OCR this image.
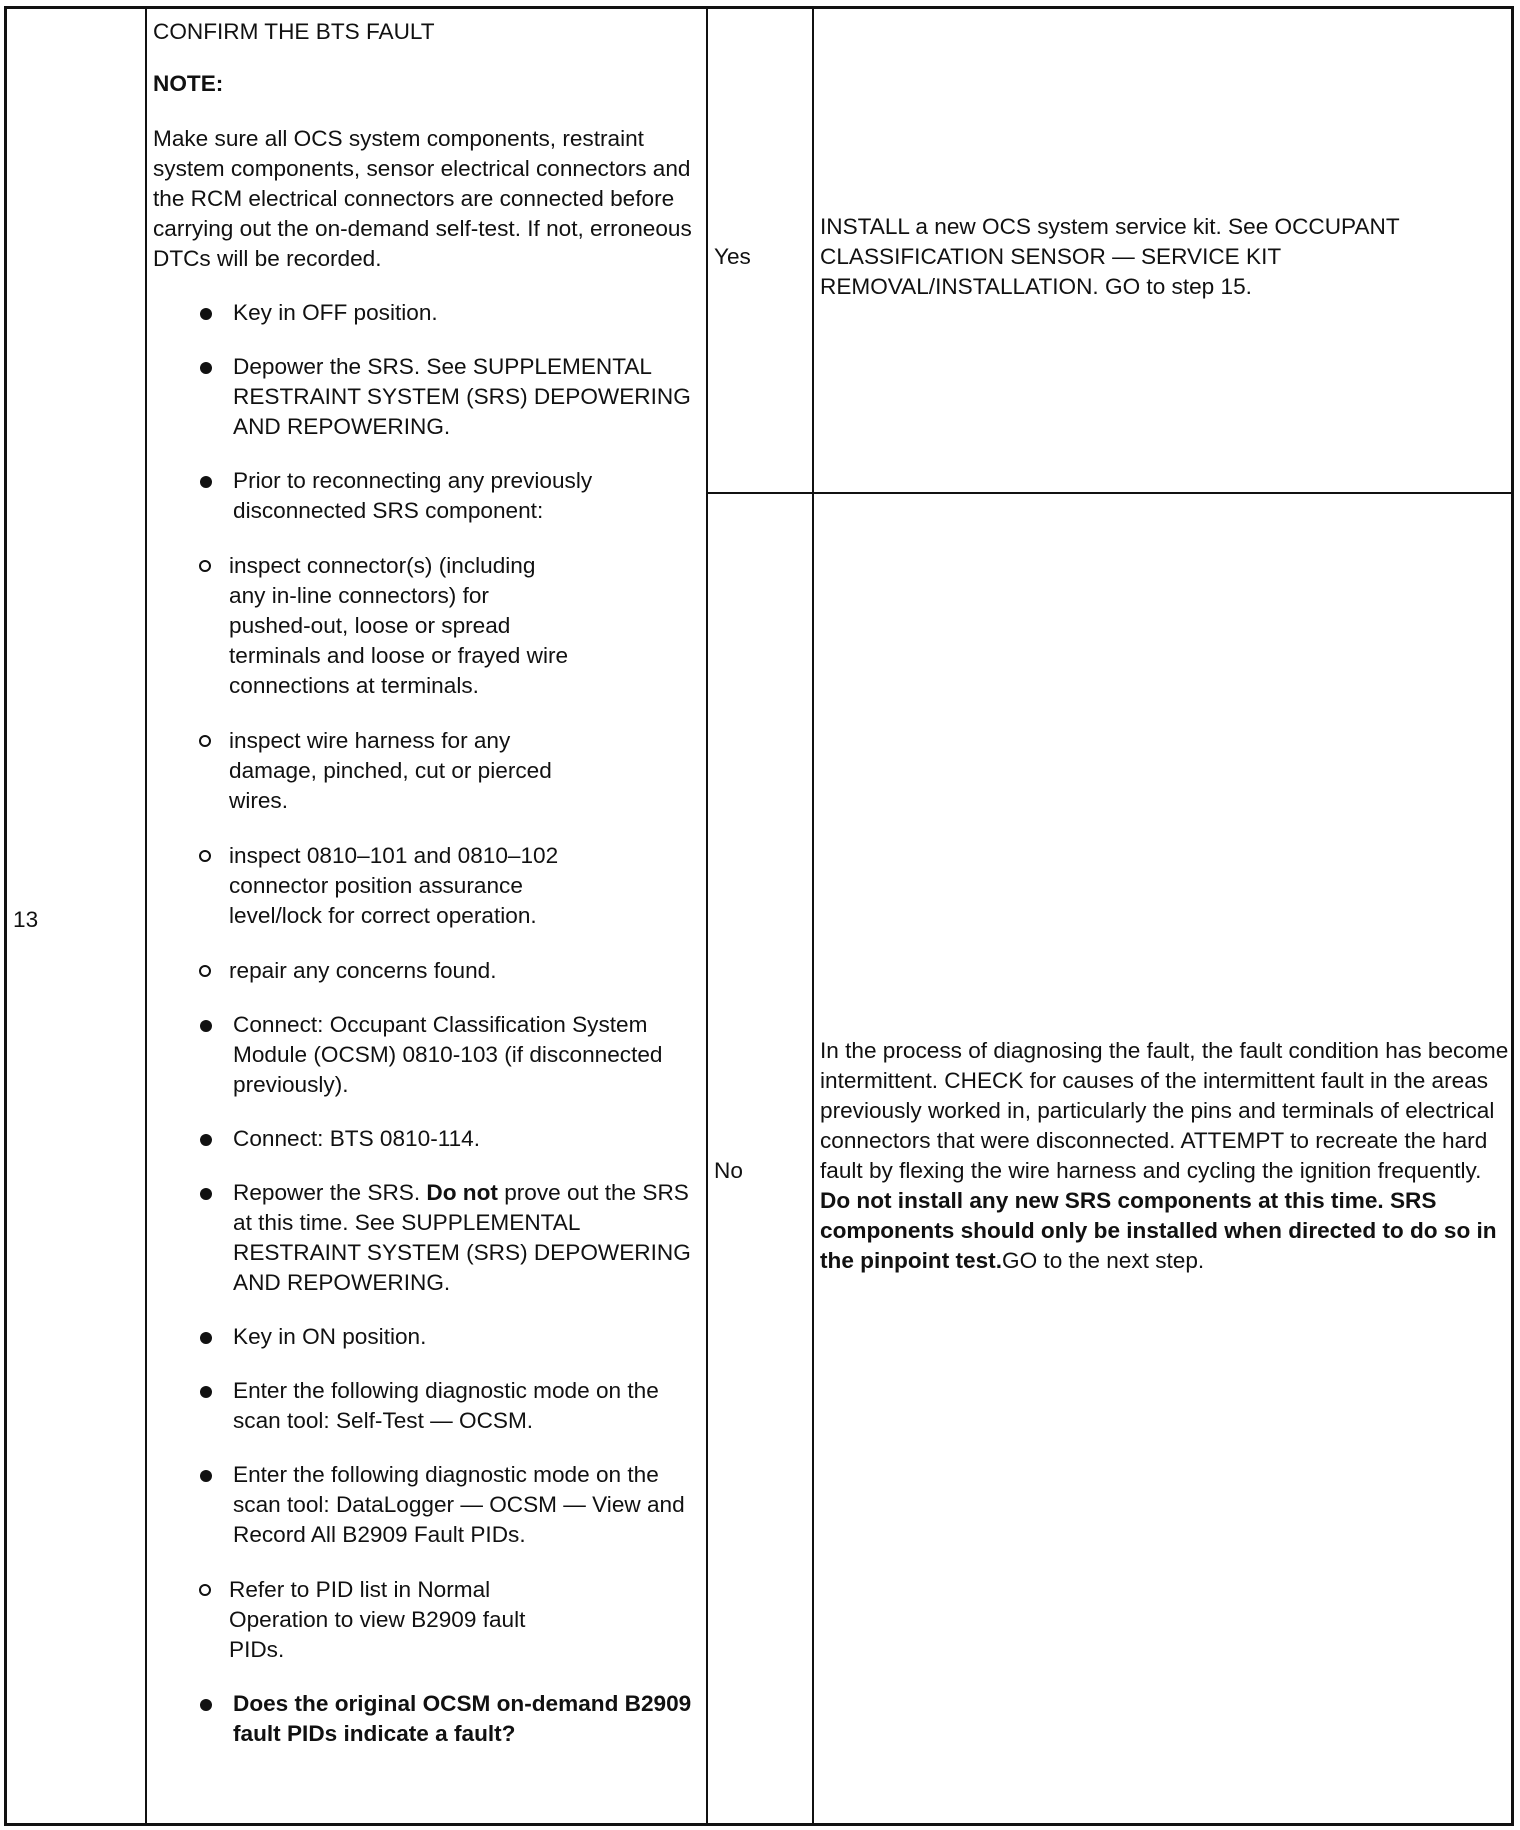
13

CONFIRM THE BTS FAULT

NOTE:

Make sure all OCS system components, restraint system components, sensor electrical connectors and the RCM electrical connectors are connected before carrying out the on-demand self-test. If not, erroneous DTCs will be recorded.

Key in OFF position.
Depower the SRS. See SUPPLEMENTAL RESTRAINT SYSTEM (SRS) DEPOWERING AND REPOWERING.
Prior to reconnecting any previously disconnected SRS component:
inspect connector(s) (including any in-line connectors) for pushed-out, loose or spread terminals and loose or frayed wire connections at terminals.
inspect wire harness for any damage, pinched, cut or pierced wires.
inspect 0810–101 and 0810–102 connector position assurance level/lock for correct operation.
repair any concerns found.
Connect: Occupant Classification System Module (OCSM) 0810-103 (if disconnected previously).
Connect: BTS 0810-114.
Repower the SRS. Do not prove out the SRS at this time. See SUPPLEMENTAL RESTRAINT SYSTEM (SRS) DEPOWERING AND REPOWERING.
Key in ON position.
Enter the following diagnostic mode on the scan tool: Self-Test — OCSM.
Enter the following diagnostic mode on the scan tool: DataLogger — OCSM — View and Record All B2909 Fault PIDs.
Refer to PID list in Normal Operation to view B2909 fault PIDs.
Does the original OCSM on-demand B2909 fault PIDs indicate a fault?
Yes

INSTALL a new OCS system service kit. See OCCUPANT CLASSIFICATION SENSOR — SERVICE KIT REMOVAL/INSTALLATION. GO to step 15.

No

In the process of diagnosing the fault, the fault condition has become intermittent. CHECK for causes of the intermittent fault in the areas previously worked in, particularly the pins and terminals of electrical connectors that were disconnected. ATTEMPT to recreate the hard fault by flexing the wire harness and cycling the ignition frequently. Do not install any new SRS components at this time. SRS components should only be installed when directed to do so in the pinpoint test.GO to the next step.
